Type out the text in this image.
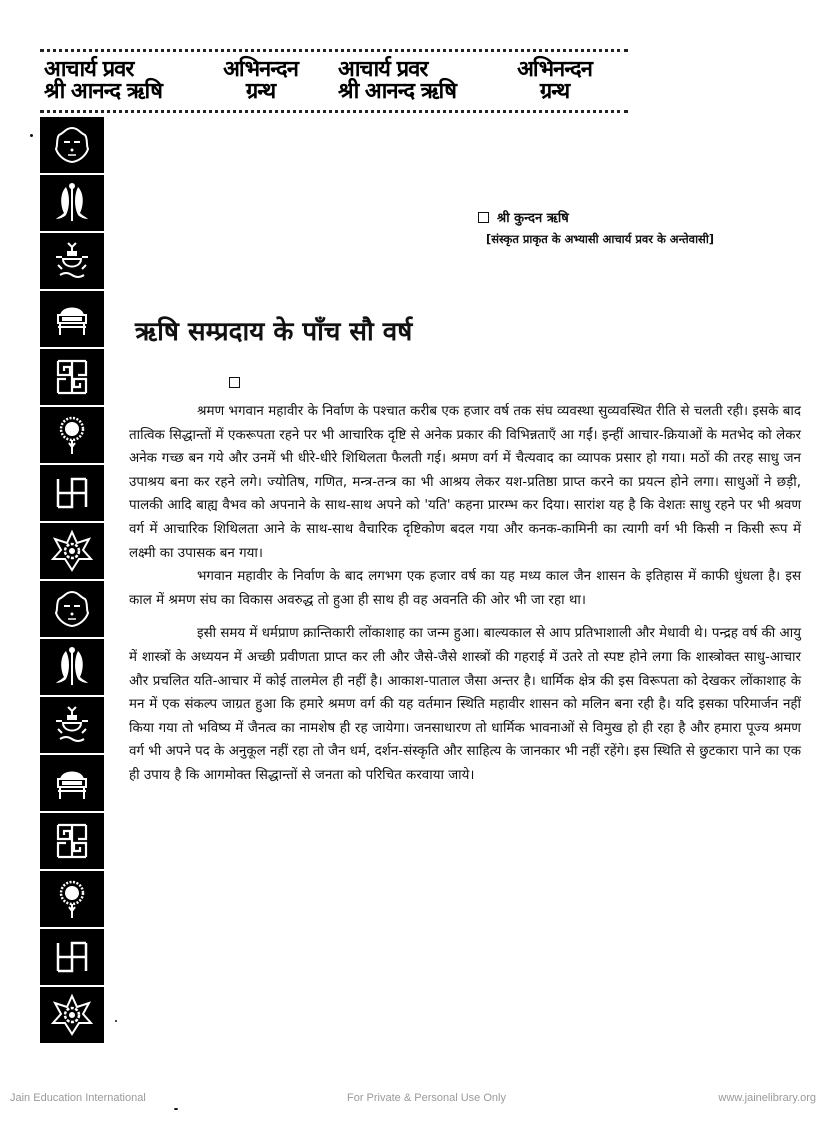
आचार्य प्रवर
श्री आनन्द ऋषि
अभिनन्दन
ग्रन्थ
आचार्य प्रवर
श्री आनन्द ऋषि
अभिनन्दन
ग्रन्थ
श्री कुन्दन ऋषि
[संस्कृत प्राकृत के अभ्यासी आचार्य प्रवर के अन्तेवासी]
ऋषि सम्प्रदाय के पाँच सौ वर्ष

श्रमण भगवान महावीर के निर्वाण के पश्चात करीब एक हजार वर्ष तक संघ व्यवस्था सुव्यवस्थित रीति से चलती रही। इसके बाद तात्विक सिद्धान्तों में एकरूपता रहने पर भी आचारिक दृष्टि से अनेक प्रकार की विभिन्नताएँ आ गईं। इन्हीं आचार-क्रियाओं के मतभेद को लेकर अनेक गच्छ बन गये और उनमें भी धीरे-धीरे शिथिलता फैलती गई। श्रमण वर्ग में चैत्यवाद का व्यापक प्रसार हो गया। मठों की तरह साधु जन उपाश्रय बना कर रहने लगे। ज्योतिष, गणित, मन्त्र-तन्त्र का भी आश्रय लेकर यश-प्रतिष्ठा प्राप्त करने का प्रयत्न होने लगा। साधुओं ने छड़ी, पालकी आदि बाह्य वैभव को अपनाने के साथ-साथ अपने को 'यति' कहना प्रारम्भ कर दिया। सारांश यह है कि वेशतः साधु रहने पर भी श्रवण वर्ग में आचारिक शिथिलता आने के साथ-साथ वैचारिक दृष्टिकोण बदल गया और कनक-कामिनी का त्यागी वर्ग भी किसी न किसी रूप में लक्ष्मी का उपासक बन गया।

भगवान महावीर के निर्वाण के बाद लगभग एक हजार वर्ष का यह मध्य काल जैन शासन के इतिहास में काफी धुंधला है। इस काल में श्रमण संघ का विकास अवरुद्ध तो हुआ ही साथ ही वह अवनति की ओर भी जा रहा था।

इसी समय में धर्मप्राण क्रान्तिकारी लोंकाशाह का जन्म हुआ। बाल्यकाल से आप प्रतिभाशाली और मेधावी थे। पन्द्रह वर्ष की आयु में शास्त्रों के अध्ययन में अच्छी प्रवीणता प्राप्त कर ली और जैसे-जैसे शास्त्रों की गहराई में उतरे तो स्पष्ट होने लगा कि शास्त्रोक्त साधु-आचार और प्रचलित यति-आचार में कोई तालमेल ही नहीं है। आकाश-पाताल जैसा अन्तर है। धार्मिक क्षेत्र की इस विरूपता को देखकर लोंकाशाह के मन में एक संकल्प जाग्रत हुआ कि हमारे श्रमण वर्ग की यह वर्तमान स्थिति महावीर शासन को मलिन बना रही है। यदि इसका परिमार्जन नहीं किया गया तो भविष्य में जैनत्व का नामशेष ही रह जायेगा। जनसाधारण तो धार्मिक भावनाओं से विमुख हो ही रहा है और हमारा पूज्य श्रमण वर्ग भी अपने पद के अनुकूल नहीं रहा तो जैन धर्म, दर्शन-संस्कृति और साहित्य के जानकार भी नहीं रहेंगे। इस स्थिति से छुटकारा पाने का एक ही उपाय है कि आगमोक्त सिद्धान्तों से जनता को परिचित करवाया जाये।

Jain Education International	For Private & Personal Use Only	www.jainelibrary.org
